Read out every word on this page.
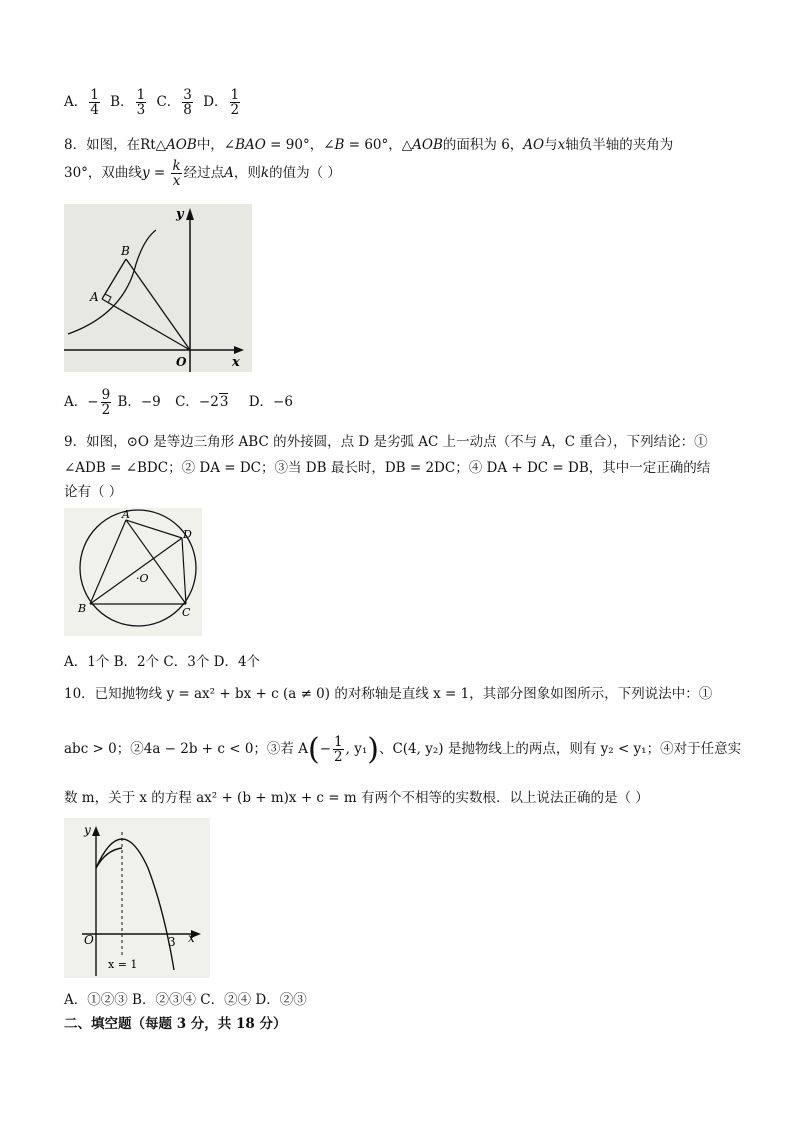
A． $\frac{1}{4}$ B． $\frac{1}{3}$ C． $\frac{3}{8}$ D． $\frac{1}{2}$
8．如图，在Rt△AOB中，∠BAO = 90°，∠B = 60°，△AOB的面积为 6，AO与x轴负半轴的夹角为
30°，双曲线$y = \frac{k}{x}$ 经过点A，则k的值为（ ）
y
x
B
A
O
A．− $\frac{9}{2}$ B．−9 C．−23 D．−6
9．如图，⊙O 是等边三角形 ABC 的外接圆，点 D 是劣弧 AC 上一动点（不与 A，C 重合），下列结论：①
∠ADB = ∠BDC；② DA = DC；③当 DB 最长时，DB = 2DC；④ DA + DC = DB，其中一定正确的结
论有（ ）
A
B	C
D
·O
A．1个 B．2个 C．3个 D．4个
10．已知抛物线 y = ax² + bx + c (a ≠ 0) 的对称轴是直线 x = 1，其部分图象如图所示，下列说法中：①
abc > 0；②4a − 2b + c < 0；③若 $A(- \frac{1}{2}$ , y₁)、C(4, y₂) 是抛物线上的两点，则有 y₂ < y₁；④对于任意实
数 m，关于 x 的方程 ax² + (b + m)x + c = m 有两个不相等的实数根．以上说法正确的是（ ）
y
x
O	3
x = 1
A．①②③ B．②③④ C．②④ D．②③
二、填空题（每题 3 分，共 18 分）
